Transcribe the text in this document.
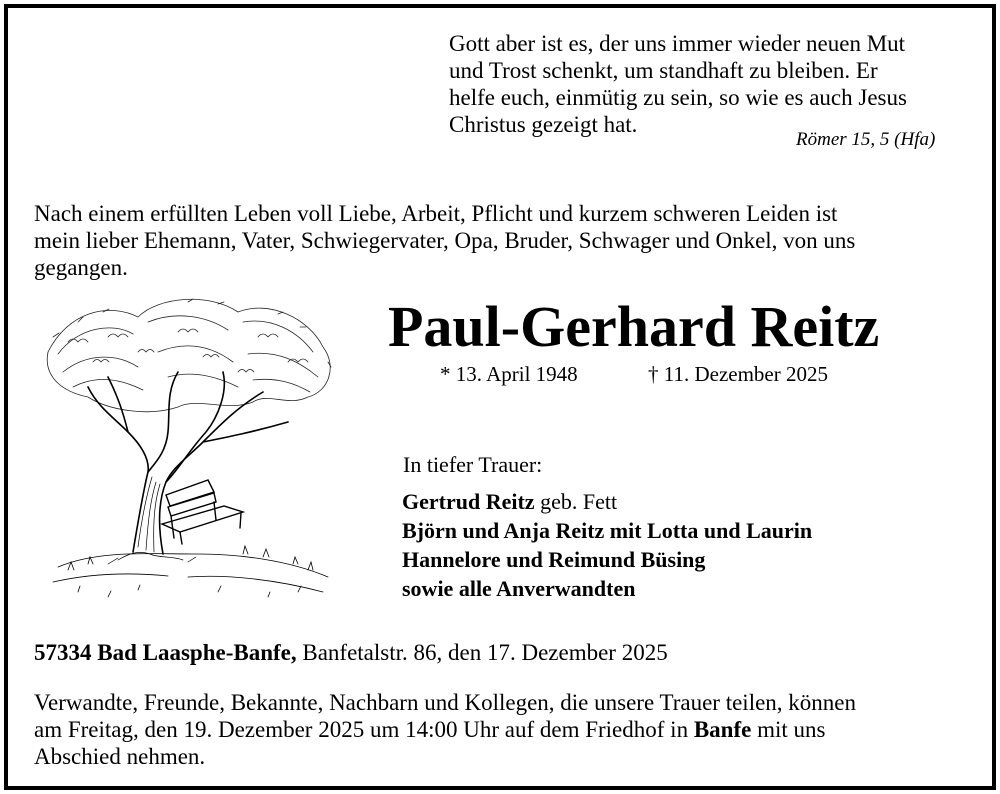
Gott aber ist es, der uns immer wieder neuen Mut
und Trost schenkt, um standhaft zu bleiben. Er
helfe euch, einmütig zu sein, so wie es auch Jesus
Christus gezeigt hat.
Römer 15, 5 (Hfa)
Nach einem erfüllten Leben voll Liebe, Arbeit, Pflicht und kurzem schweren Leiden ist
mein lieber Ehemann, Vater, Schwiegervater, Opa, Bruder, Schwager und Onkel, von uns
gegangen.
Paul-Gerhard Reitz
* 13. April 1948	† 11. Dezember 2025
In tiefer Trauer:
Gertrud Reitz geb. Fett
Björn und Anja Reitz mit Lotta und Laurin
Hannelore und Reimund Büsing
sowie alle Anverwandten
57334 Bad Laasphe-Banfe, Banfetalstr. 86, den 17. Dezember 2025
Verwandte, Freunde, Bekannte, Nachbarn und Kollegen, die unsere Trauer teilen, können
am Freitag, den 19. Dezember 2025 um 14:00 Uhr auf dem Friedhof in Banfe mit uns
Abschied nehmen.
